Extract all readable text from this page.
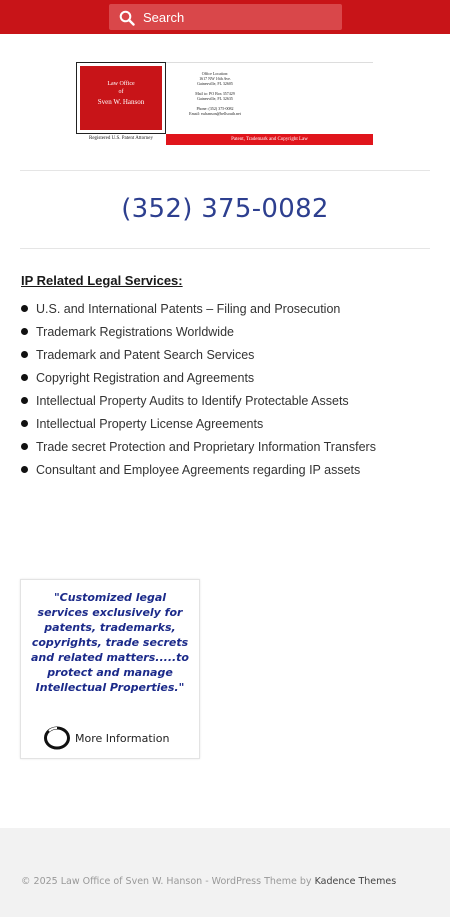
Search
Law Office
of
Sven W. Hanson
Office Location:
1617 NW 16th Ave.
Gainesville, FL 32605
Mail to: PO Box 357429
Gainesville, FL 32635
Phone: (352) 375-0082
Email: swhanson@bellsouth.net
Registered U.S. Patent Attorney	Patent, Trademark and Copyright Law
(352) 375-0082
IP Related Legal Services:
U.S. and International Patents – Filing and Prosecution
Trademark Registrations Worldwide
Trademark and Patent Search Services
Copyright Registration and Agreements
Intellectual Property Audits to Identify Protectable Assets
Intellectual Property License Agreements
Trade secret Protection and Proprietary Information Transfers
Consultant and Employee Agreements regarding IP assets
"Customized legal services exclusively for patents, trademarks, copyrights, trade secrets and related matters.....to protect and manage Intellectual Properties."
More Information
© 2025 Law Office of Sven W. Hanson - WordPress Theme by Kadence Themes
